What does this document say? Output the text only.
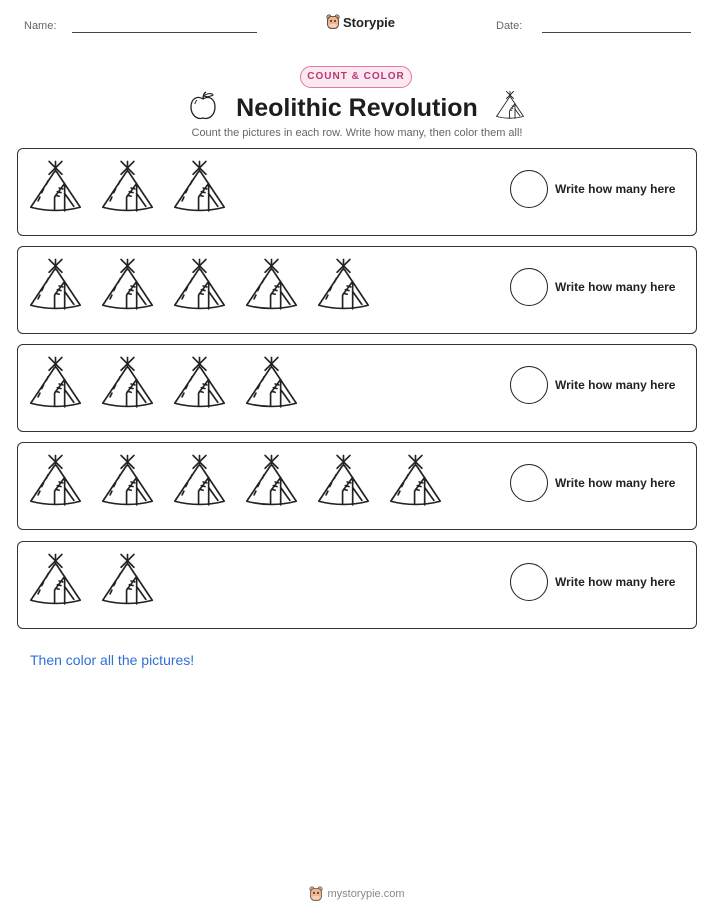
Name:	Storypie	Date:
COUNT & COLOR
Neolithic Revolution
Count the pictures in each row. Write how many, then color them all!
Write how many here
Write how many here
Write how many here
Write how many here
Write how many here
Then color all the pictures!
mystorypie.com
